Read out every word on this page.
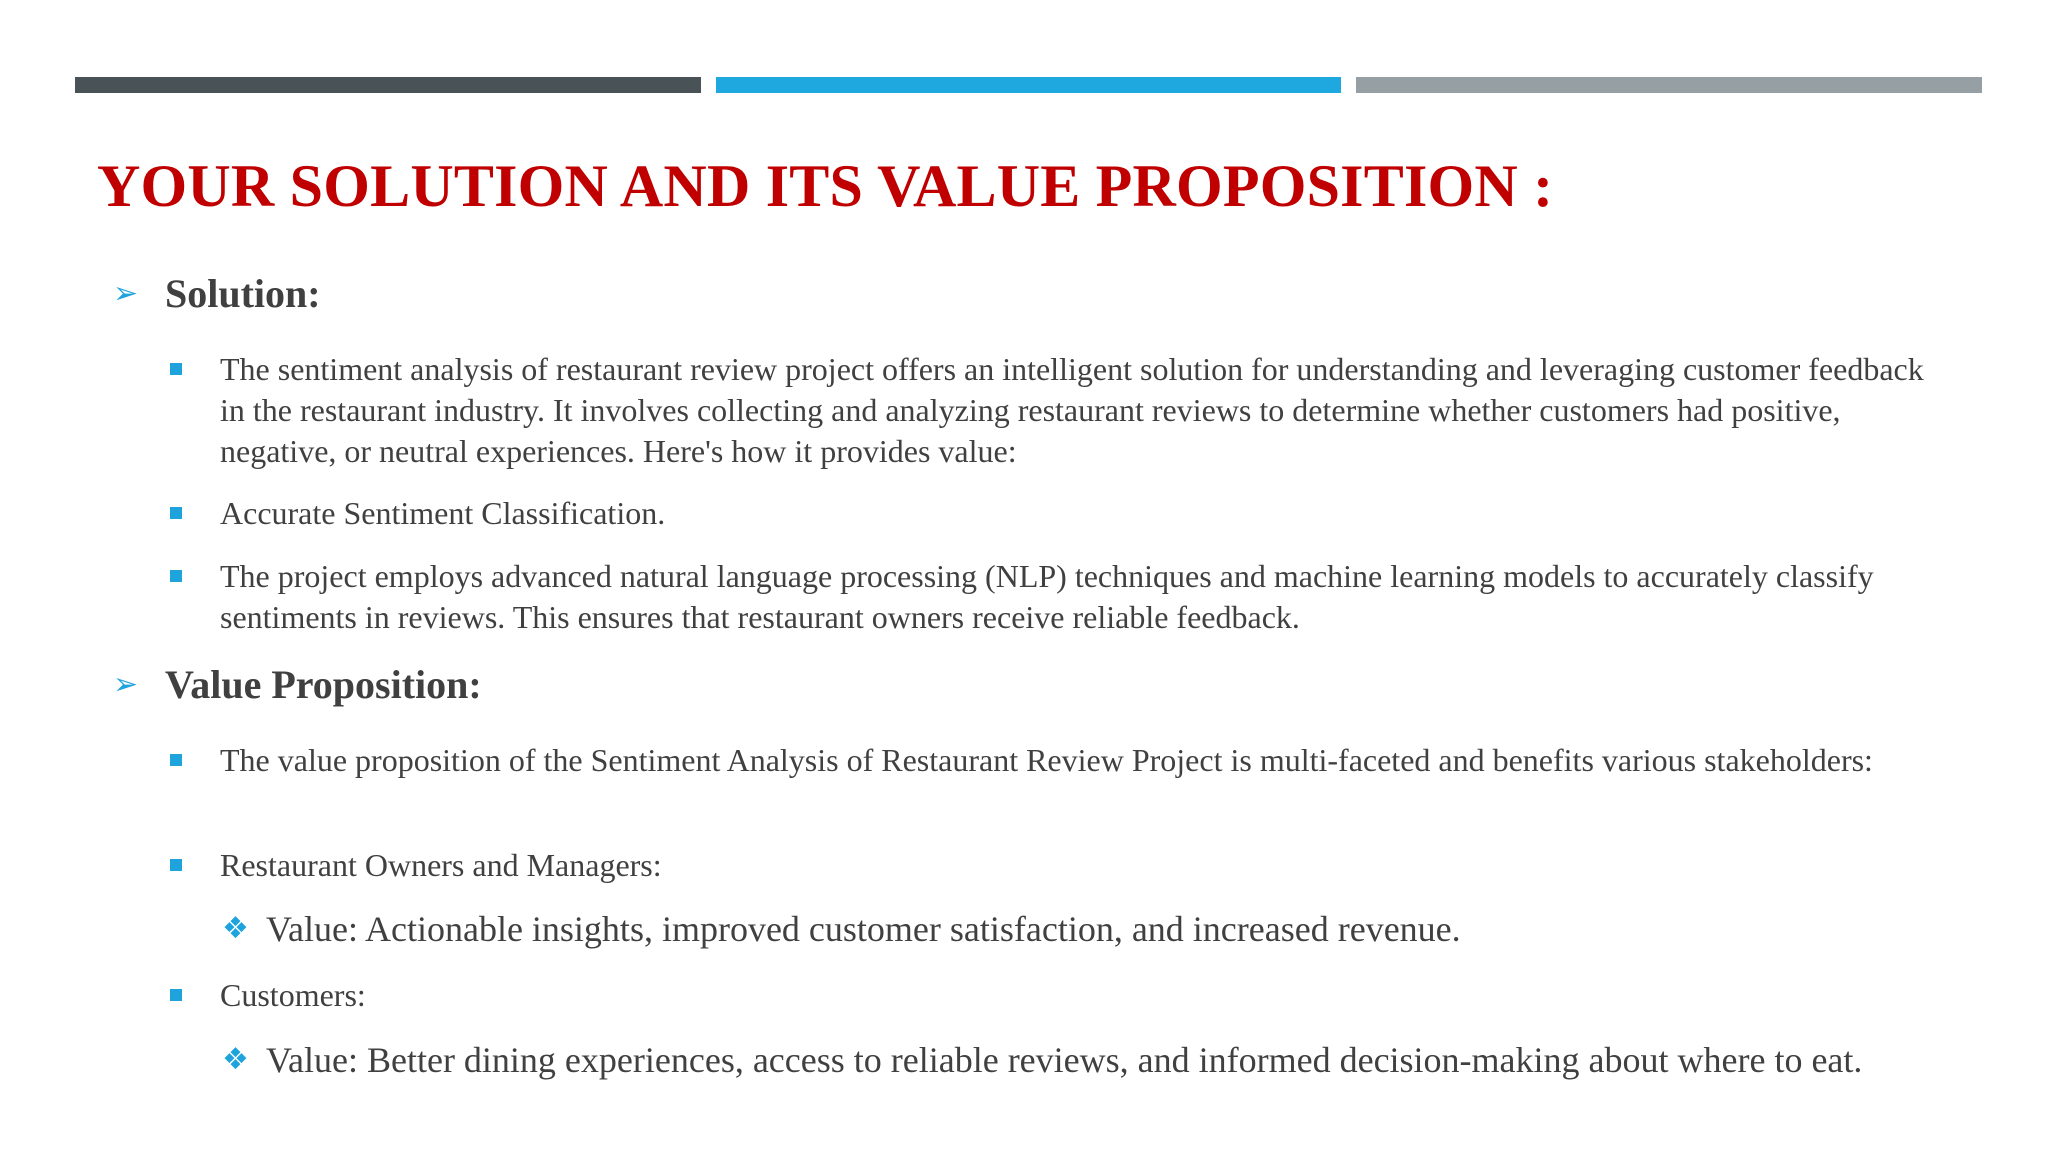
YOUR SOLUTION AND ITS VALUE PROPOSITION :
➢ Solution:
The sentiment analysis of restaurant review project offers an intelligent solution for understanding and leveraging customer feedback in the restaurant industry. It involves collecting and analyzing restaurant reviews to determine whether customers had positive, negative, or neutral experiences. Here's how it provides value:
Accurate Sentiment Classification.
The project employs advanced natural language processing (NLP) techniques and machine learning models to accurately classify sentiments in reviews. This ensures that restaurant owners receive reliable feedback.
➢ Value Proposition:
The value proposition of the Sentiment Analysis of Restaurant Review Project is multi-faceted and benefits various stakeholders:
Restaurant Owners and Managers:
❖ Value: Actionable insights, improved customer satisfaction, and increased revenue.
Customers:
❖ Value: Better dining experiences, access to reliable reviews, and informed decision-making about where to eat.
